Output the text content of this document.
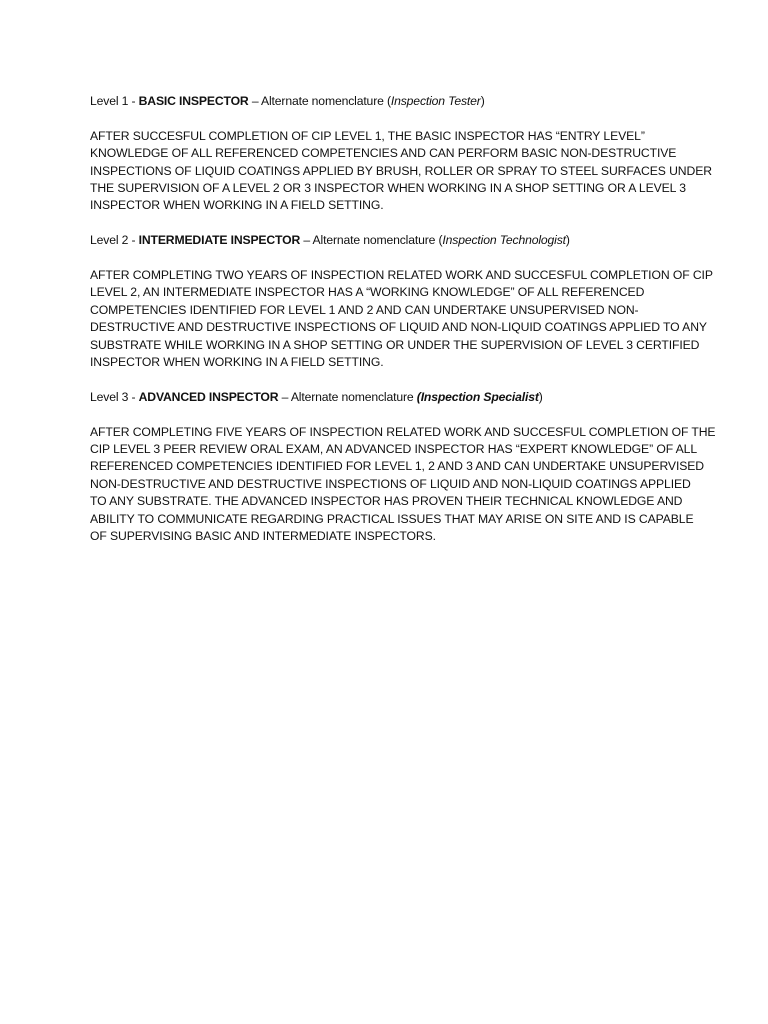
Level 1 - BASIC INSPECTOR – Alternate nomenclature (Inspection Tester)

AFTER SUCCESFUL COMPLETION OF CIP LEVEL 1, THE BASIC INSPECTOR HAS “ENTRY LEVEL”
KNOWLEDGE OF ALL REFERENCED COMPETENCIES AND CAN PERFORM BASIC NON-DESTRUCTIVE
INSPECTIONS OF LIQUID COATINGS APPLIED BY BRUSH, ROLLER OR SPRAY TO STEEL SURFACES UNDER
THE SUPERVISION OF A LEVEL 2 OR 3 INSPECTOR WHEN WORKING IN A SHOP SETTING OR A LEVEL 3
INSPECTOR WHEN WORKING IN A FIELD SETTING.

Level 2 - INTERMEDIATE INSPECTOR – Alternate nomenclature (Inspection Technologist)

AFTER COMPLETING TWO YEARS OF INSPECTION RELATED WORK AND SUCCESFUL COMPLETION OF CIP
LEVEL 2, AN INTERMEDIATE INSPECTOR HAS A “WORKING KNOWLEDGE” OF ALL REFERENCED
COMPETENCIES IDENTIFIED FOR LEVEL 1 AND 2 AND CAN UNDERTAKE UNSUPERVISED NON-
DESTRUCTIVE AND DESTRUCTIVE INSPECTIONS OF LIQUID AND NON-LIQUID COATINGS APPLIED TO ANY
SUBSTRATE WHILE WORKING IN A SHOP SETTING OR UNDER THE SUPERVISION OF LEVEL 3 CERTIFIED
INSPECTOR WHEN WORKING IN A FIELD SETTING.

Level 3 - ADVANCED INSPECTOR – Alternate nomenclature (Inspection Specialist)

AFTER COMPLETING FIVE YEARS OF INSPECTION RELATED WORK AND SUCCESFUL COMPLETION OF THE
CIP LEVEL 3 PEER REVIEW ORAL EXAM, AN ADVANCED INSPECTOR HAS “EXPERT KNOWLEDGE” OF ALL
REFERENCED COMPETENCIES IDENTIFIED FOR LEVEL 1, 2 AND 3 AND CAN UNDERTAKE UNSUPERVISED
NON-DESTRUCTIVE AND DESTRUCTIVE INSPECTIONS OF LIQUID AND NON-LIQUID COATINGS APPLIED
TO ANY SUBSTRATE. THE ADVANCED INSPECTOR HAS PROVEN THEIR TECHNICAL KNOWLEDGE AND
ABILITY TO COMMUNICATE REGARDING PRACTICAL ISSUES THAT MAY ARISE ON SITE AND IS CAPABLE
OF SUPERVISING BASIC AND INTERMEDIATE INSPECTORS.
